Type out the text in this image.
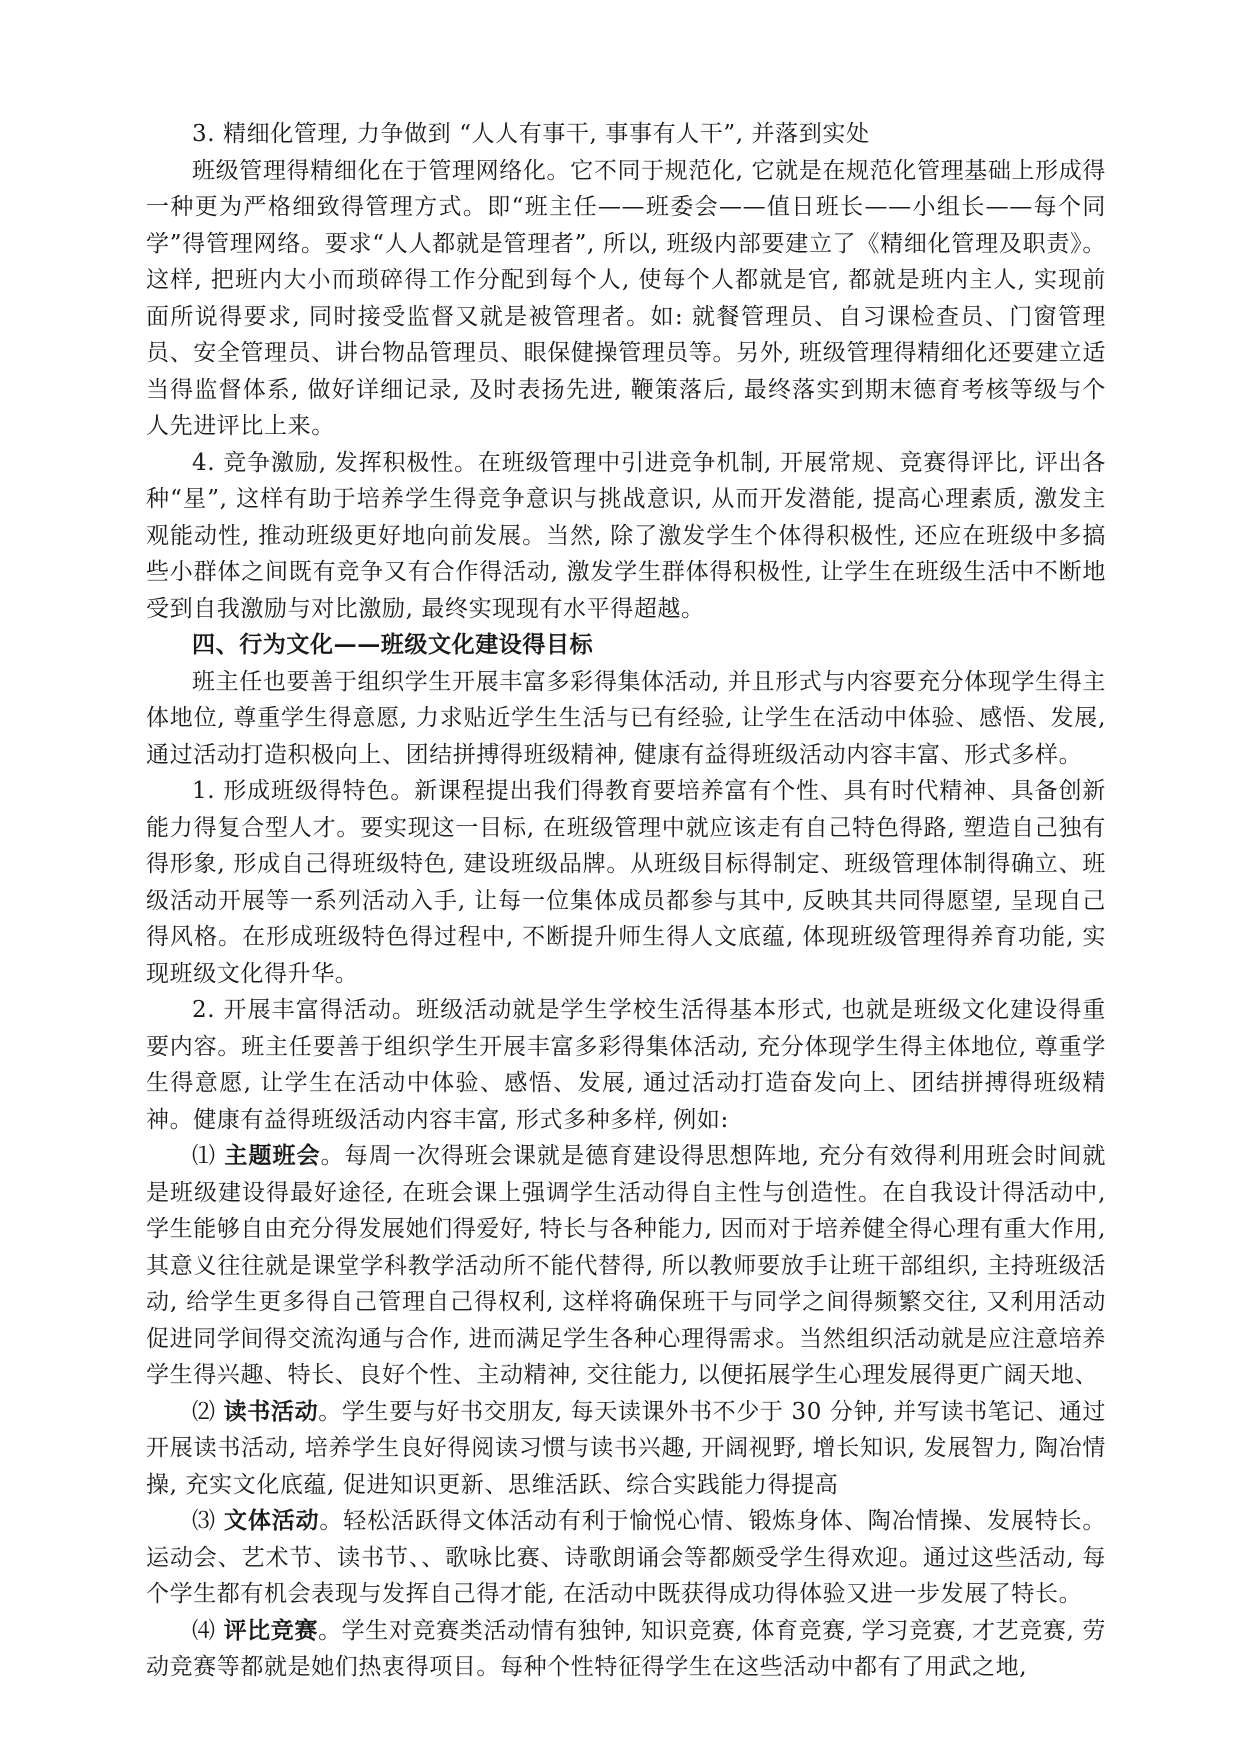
3. 精细化管理, 力争做到 “人人有事干, 事事有人干”, 并落到实处

班级管理得精细化在于管理网络化。它不同于规范化, 它就是在规范化管理基础上形成得一种更为严格细致得管理方式。即“班主任——班委会——值日班长——小组长——每个同学”得管理网络。要求“人人都就是管理者”, 所以, 班级内部要建立了《精细化管理及职责》。这样, 把班内大小而琐碎得工作分配到每个人, 使每个人都就是官, 都就是班内主人, 实现前面所说得要求, 同时接受监督又就是被管理者。如: 就餐管理员、自习课检查员、门窗管理员、安全管理员、讲台物品管理员、眼保健操管理员等。另外, 班级管理得精细化还要建立适当得监督体系, 做好详细记录, 及时表扬先进, 鞭策落后, 最终落实到期末德育考核等级与个人先进评比上来。

4. 竞争激励, 发挥积极性。在班级管理中引进竞争机制, 开展常规、竞赛得评比, 评出各种“星”, 这样有助于培养学生得竞争意识与挑战意识, 从而开发潜能, 提高心理素质, 激发主观能动性, 推动班级更好地向前发展。当然, 除了激发学生个体得积极性, 还应在班级中多搞些小群体之间既有竞争又有合作得活动, 激发学生群体得积极性, 让学生在班级生活中不断地受到自我激励与对比激励, 最终实现现有水平得超越。

四、行为文化——班级文化建设得目标

班主任也要善于组织学生开展丰富多彩得集体活动, 并且形式与内容要充分体现学生得主体地位, 尊重学生得意愿, 力求贴近学生生活与已有经验, 让学生在活动中体验、感悟、发展, 通过活动打造积极向上、团结拼搏得班级精神, 健康有益得班级活动内容丰富、形式多样。

1. 形成班级得特色。新课程提出我们得教育要培养富有个性、具有时代精神、具备创新能力得复合型人才。要实现这一目标, 在班级管理中就应该走有自己特色得路, 塑造自己独有得形象, 形成自己得班级特色, 建设班级品牌。从班级目标得制定、班级管理体制得确立、班级活动开展等一系列活动入手, 让每一位集体成员都参与其中, 反映其共同得愿望, 呈现自己得风格。在形成班级特色得过程中, 不断提升师生得人文底蕴, 体现班级管理得养育功能, 实现班级文化得升华。

2. 开展丰富得活动。班级活动就是学生学校生活得基本形式, 也就是班级文化建设得重要内容。班主任要善于组织学生开展丰富多彩得集体活动, 充分体现学生得主体地位, 尊重学生得意愿, 让学生在活动中体验、感悟、发展, 通过活动打造奋发向上、团结拼搏得班级精神。健康有益得班级活动内容丰富, 形式多种多样, 例如:

⑴ 主题班会。每周一次得班会课就是德育建设得思想阵地, 充分有效得利用班会时间就是班级建设得最好途径, 在班会课上强调学生活动得自主性与创造性。在自我设计得活动中, 学生能够自由充分得发展她们得爱好, 特长与各种能力, 因而对于培养健全得心理有重大作用, 其意义往往就是课堂学科教学活动所不能代替得, 所以教师要放手让班干部组织, 主持班级活动, 给学生更多得自己管理自己得权利, 这样将确保班干与同学之间得频繁交往, 又利用活动促进同学间得交流沟通与合作, 进而满足学生各种心理得需求。当然组织活动就是应注意培养学生得兴趣、特长、良好个性、主动精神, 交往能力, 以便拓展学生心理发展得更广阔天地、

⑵ 读书活动。学生要与好书交朋友, 每天读课外书不少于 30 分钟, 并写读书笔记、通过开展读书活动, 培养学生良好得阅读习惯与读书兴趣, 开阔视野, 增长知识, 发展智力, 陶冶情操, 充实文化底蕴, 促进知识更新、思维活跃、综合实践能力得提高

⑶ 文体活动。轻松活跃得文体活动有利于愉悦心情、锻炼身体、陶冶情操、发展特长。运动会、艺术节、读书节、、歌咏比赛、诗歌朗诵会等都颇受学生得欢迎。通过这些活动, 每个学生都有机会表现与发挥自己得才能, 在活动中既获得成功得体验又进一步发展了特长。

⑷ 评比竞赛。学生对竞赛类活动情有独钟, 知识竞赛, 体育竞赛, 学习竞赛, 才艺竞赛, 劳动竞赛等都就是她们热衷得项目。每种个性特征得学生在这些活动中都有了用武之地,
